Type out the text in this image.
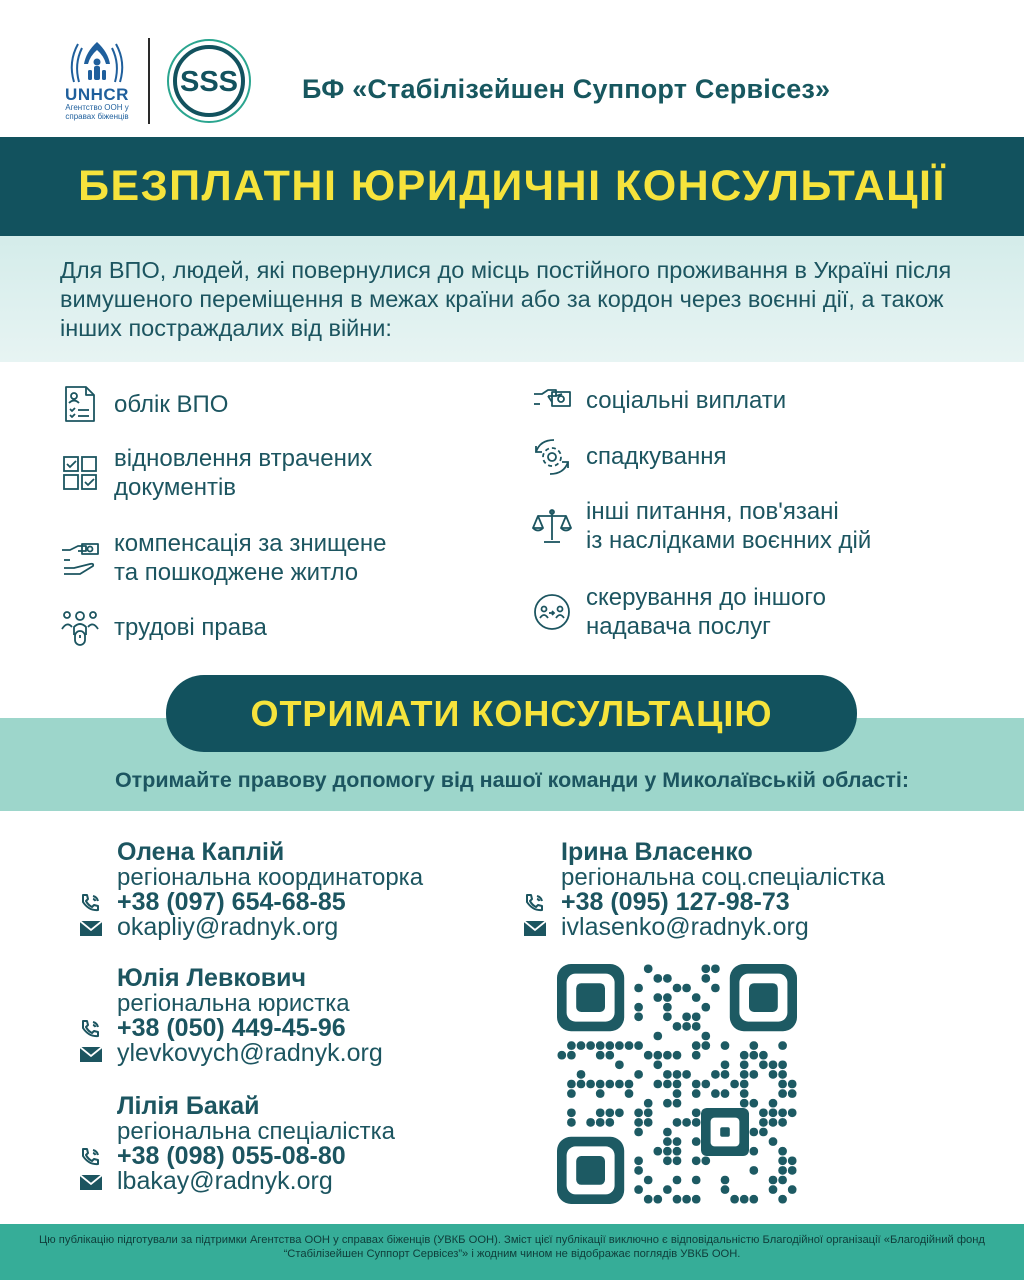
UNHCR
Агентство ООН у справах біженців
SSS БФ «Стабілізейшен Суппорт Сервісез»
БЕЗПЛАТНІ ЮРИДИЧНІ КОНСУЛЬТАЦІЇ

Для ВПО, людей, які повернулися до місць постійного проживання в Україні після вимушеного переміщення в межах країни або за кордон через воєнні дії, а також інших постраждалих від війни:

облік ВПО
відновлення втрачених
документів
компенсація за знищене
та пошкоджене житло
трудові права
соціальні виплати
спадкування
інші питання, пов'язані
із наслідками воєнних дій
скерування до іншого
надавача послуг
ОТРИМАТИ КОНСУЛЬТАЦІЮ
Отримайте правову допомогу від нашої команди у Миколаївській області:
Олена Каплій
регіональна координаторка
+38 (097) 654-68-85
okapliy@radnyk.org
Юлія Левкович
регіональна юристка
+38 (050) 449-45-96
ylevkovych@radnyk.org
Лілія Бакай
регіональна спеціалістка
+38 (098) 055-08-80
lbakay@radnyk.org
Ірина Власенко
регіональна соц.спеціалістка
+38 (095) 127-98-73
ivlasenko@radnyk.org

Цю публікацію підготували за підтримки Агентства ООН у справах біженців (УВКБ ООН). Зміст цієї публікації виключно є відповідальністю Благодійної організації «Благодійний фонд “Стабілізейшен Суппорт Сервісез”» і жодним чином не відображає поглядів УВКБ ООН.
